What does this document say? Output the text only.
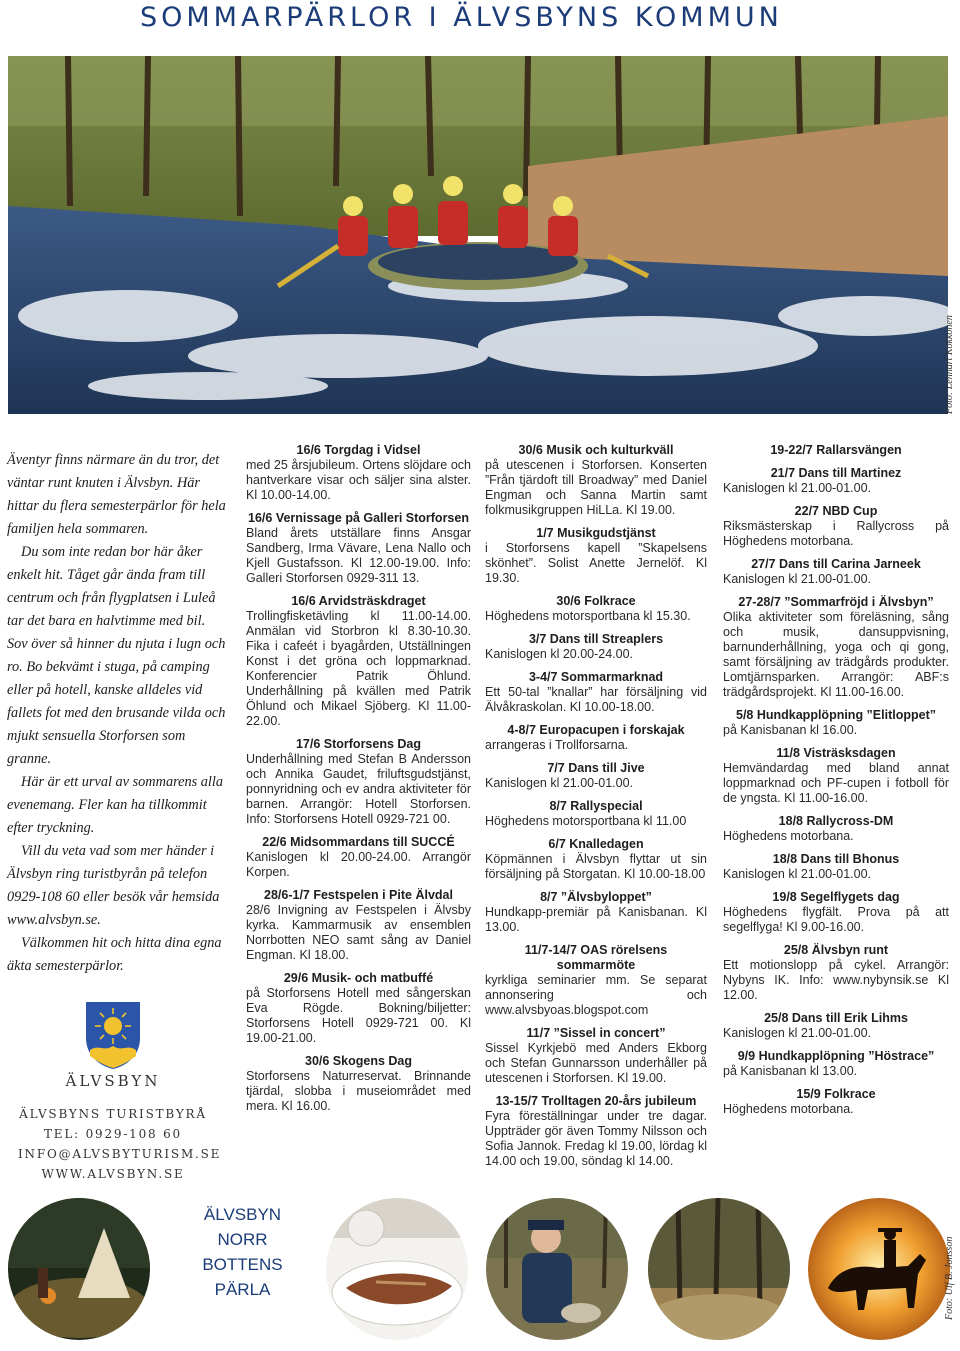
SOMMARPÄRLOR I ÄLVSBYNS KOMMUN
Foto: Lennart Kokkonen

Äventyr finns närmare än du tror, det väntar runt knuten i Älvsbyn. Här hittar du flera semesterpärlor för hela familjen hela sommaren.

Du som inte redan bor här åker enkelt hit. Tåget går ända fram till centrum och från flygplatsen i Luleå tar det bara en halvtimme med bil. Sov över så hinner du njuta i lugn och ro. Bo bekvämt i stuga, på camping eller på hotell, kanske alldeles vid fallets fot med den brusande vilda och mjukt sensuella Storforsen som granne.

Här är ett urval av sommarens alla evenemang. Fler kan ha tillkommit efter tryckning.

Vill du veta vad som mer händer i Älvsbyn ring turistbyrån på telefon 0929-108 60 eller besök vår hemsida www.alvsbyn.se.

Välkommen hit och hitta dina egna äkta semesterpärlor.

ÄLVSBYN
ÄLVSBYNS TURISTBYRÅ
TEL: 0929-108 60
INFO@ALVSBYTURISM.SE
WWW.ALVSBYN.SE
16/6 Torgdag i Vidsel
med 25 årsjubileum. Ortens slöjdare och hantverkare visar och säljer sina alster. Kl 10.00-14.00.
16/6 Vernissage på Galleri Storforsen
Bland årets utställare finns Ansgar Sandberg, Irma Vävare, Lena Nallo och Kjell Gustafsson. Kl 12.00-19.00. Info: Galleri Storforsen 0929-311 13.
16/6 Arvidsträskdraget
Trollingfisketävling kl 11.00-14.00. Anmälan vid Storbron kl 8.30-10.30. Fika i cafeét i byagården, Utställningen Konst i det gröna och loppmarknad. Konferencier Patrik Öhlund. Underhållning på kvällen med Patrik Öhlund och Mikael Sjöberg. Kl 11.00-22.00.
17/6 Storforsens Dag
Underhållning med Stefan B Andersson och Annika Gaudet, friluftsgudstjänst, ponnyridning och ev andra aktiviteter för barnen. Arrangör: Hotell Storforsen. Info: Storforsens Hotell 0929-721 00.
22/6 Midsommardans till SUCCÉ
Kanislogen kl 20.00-24.00. Arrangör Korpen.
28/6-1/7 Festspelen i Pite Älvdal
28/6 Invigning av Festspelen i Älvsby kyrka. Kammarmusik av ensemblen Norrbotten NEO samt sång av Daniel Engman. Kl 18.00.
29/6 Musik- och matbuffé
på Storforsens Hotell med sångerskan Eva Rögde. Bokning/biljetter: Storforsens Hotell 0929-721 00. Kl 19.00-21.00.
30/6 Skogens Dag
Storforsens Naturreservat. Brinnande tjärdal, slobba i museiområdet med mera. Kl 16.00.
30/6 Musik och kulturkväll
på utescenen i Storforsen. Konserten ”Från tjärdoft till Broadway” med Daniel Engman och Sanna Martin samt folkmusikgruppen HiLLa. Kl 19.00.
1/7 Musikgudstjänst
i Storforsens kapell ”Skapelsens skönhet”. Solist Anette Jernelöf. Kl 19.30.
30/6 Folkrace
Höghedens motorsportbana kl 15.30.
3/7 Dans till Streaplers
Kanislogen kl 20.00-24.00.
3-4/7 Sommarmarknad
Ett 50-tal ”knallar” har försäljning vid Älvåkraskolan. Kl 10.00-18.00.
4-8/7 Europacupen i forskajak
arrangeras i Trollforsarna.
7/7 Dans till Jive
Kanislogen kl 21.00-01.00.
8/7 Rallyspecial
Höghedens motorsportbana kl 11.00
6/7 Knalledagen
Köpmännen i Älvsbyn flyttar ut sin försäljning på Storgatan. Kl 10.00-18.00
8/7 ”Älvsbyloppet”
Hundkapp-premiär på Kanisbanan. Kl 13.00.
11/7-14/7 OAS rörelsens sommarmöte
kyrkliga seminarier mm. Se separat annonsering och www.alvsbyoas.blogspot.com
11/7 ”Sissel in concert”
Sissel Kyrkjebö med Anders Ekborg och Stefan Gunnarsson underhåller på utescenen i Storforsen. Kl 19.00.
13-15/7 Trolltagen 20-års jubileum
Fyra föreställningar under tre dagar. Uppträder gör även Tommy Nilsson och Sofia Jannok. Fredag kl 19.00, lördag kl 14.00 och 19.00, söndag kl 14.00.
19-22/7 Rallarsvängen
21/7 Dans till Martinez
Kanislogen kl 21.00-01.00.
22/7 NBD Cup
Riksmästerskap i Rallycross på Höghedens motorbana.
27/7 Dans till Carina Jarneek
Kanislogen kl 21.00-01.00.
27-28/7 ”Sommarfröjd i Älvsbyn”
Olika aktiviteter som föreläsning, sång och musik, dansuppvisning, barnunderhållning, yoga och qi gong, samt försäljning av trädgårds produkter. Lomtjärnsparken. Arrangör: ABF:s trädgårdsprojekt. Kl 11.00-16.00.
5/8 Hundkapplöpning ”Elitloppet”
på Kanisbanan kl 16.00.
11/8 Visträsksdagen
Hemvändardag med bland annat loppmarknad och PF-cupen i fotboll för de yngsta. Kl 11.00-16.00.
18/8 Rallycross-DM
Höghedens motorbana.
18/8 Dans till Bhonus
Kanislogen kl 21.00-01.00.
19/8 Segelflygets dag
Höghedens flygfält. Prova på att segelflyga! Kl 9.00-16.00.
25/8 Älvsbyn runt
Ett motionslopp på cykel. Arrangör: Nybyns IK. Info: www.nybynsik.se Kl 12.00.
25/8 Dans till Erik Lihms
Kanislogen kl 21.00-01.00.
9/9 Hundkapplöpning ”Höstrace”
på Kanisbanan kl 13.00.
15/9 Folkrace
Höghedens motorbana.
ÄLVSBYN
NORR
BOTTENS
PÄRLA	Foto: Ulf B. Jonsson
